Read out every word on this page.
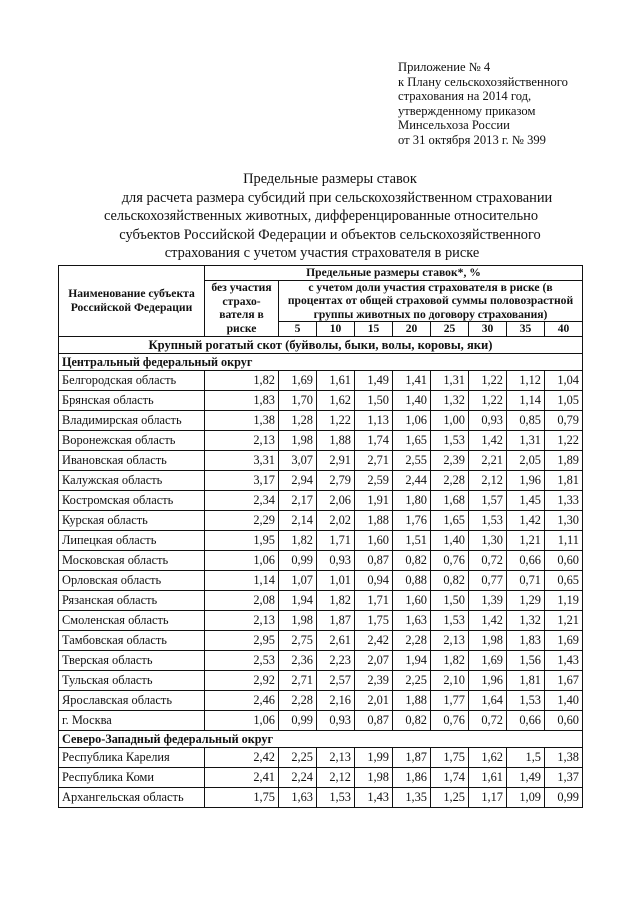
Приложение № 4
к Плану сельскохозяйственного
страхования на 2014 год,
утвержденному приказом
Минсельхоза России
от 31 октября 2013 г. № 399
Предельные размеры ставок
для расчета размера субсидий при сельскохозяйственном страховании
сельскохозяйственных животных, дифференцированные относительно
субъектов Российской Федерации и объектов сельскохозяйственного
страхования с учетом участия страхователя в риске
Наименование субъекта Российской Федерации	Предельные размеры ставок*, %								
	без участия страхо-вателя в риске	с учетом доли участия страхователя в риске (в процентах от общей страховой суммы половозрастной группы животных по договору страхования)							
		5	10	15	20	25	30	35	40
Крупный рогатый скот (буйволы, быки, волы, коровы, яки)									
Центральный федеральный округ									
Белгородская область	1,82	1,69	1,61	1,49	1,41	1,31	1,22	1,12	1,04
Брянская область	1,83	1,70	1,62	1,50	1,40	1,32	1,22	1,14	1,05
Владимирская область	1,38	1,28	1,22	1,13	1,06	1,00	0,93	0,85	0,79
Воронежская область	2,13	1,98	1,88	1,74	1,65	1,53	1,42	1,31	1,22
Ивановская область	3,31	3,07	2,91	2,71	2,55	2,39	2,21	2,05	1,89
Калужская область	3,17	2,94	2,79	2,59	2,44	2,28	2,12	1,96	1,81
Костромская область	2,34	2,17	2,06	1,91	1,80	1,68	1,57	1,45	1,33
Курская область	2,29	2,14	2,02	1,88	1,76	1,65	1,53	1,42	1,30
Липецкая область	1,95	1,82	1,71	1,60	1,51	1,40	1,30	1,21	1,11
Московская область	1,06	0,99	0,93	0,87	0,82	0,76	0,72	0,66	0,60
Орловская область	1,14	1,07	1,01	0,94	0,88	0,82	0,77	0,71	0,65
Рязанская область	2,08	1,94	1,82	1,71	1,60	1,50	1,39	1,29	1,19
Смоленская область	2,13	1,98	1,87	1,75	1,63	1,53	1,42	1,32	1,21
Тамбовская область	2,95	2,75	2,61	2,42	2,28	2,13	1,98	1,83	1,69
Тверская область	2,53	2,36	2,23	2,07	1,94	1,82	1,69	1,56	1,43
Тульская область	2,92	2,71	2,57	2,39	2,25	2,10	1,96	1,81	1,67
Ярославская область	2,46	2,28	2,16	2,01	1,88	1,77	1,64	1,53	1,40
г. Москва	1,06	0,99	0,93	0,87	0,82	0,76	0,72	0,66	0,60
Северо-Западный федеральный округ									
Республика Карелия	2,42	2,25	2,13	1,99	1,87	1,75	1,62	1,5	1,38
Республика Коми	2,41	2,24	2,12	1,98	1,86	1,74	1,61	1,49	1,37
Архангельская область	1,75	1,63	1,53	1,43	1,35	1,25	1,17	1,09	0,99
